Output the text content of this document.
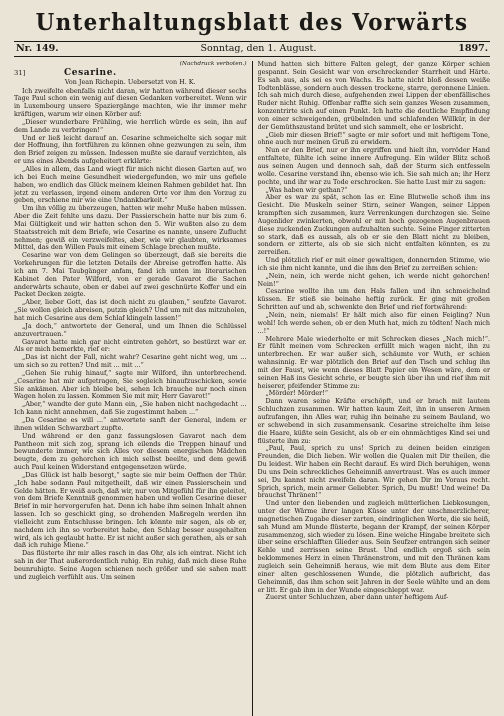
Unterhaltungsblatt des Vorwärts
Nr. 149.	Sonntag, den 1. August.	1897.
(Nachdruck verboten.)
31]	Cesarine.
Von Jean Richepin. Uebersetzt von H. K.

Ich zweifelte ebenfalls nicht daran, wir hatten während dieser sechs Tage Paul schon ein wenig auf diesen Gedanken vorbereitet. Wenn wir in Luxembourg unsere Spaziergänge machten, wie ihr immer mehr kräftigen, warum wir einen Körber auf:

„Dieser wunderbare Frühling, wie herrlich würde es sein, ihn auf dem Lande zu verbringen!“

Und er ließ leicht darauf an. Cesarine schmeichelte sich sogar mit der Hoffnung, ihn fortführen zu können ohne gezwungen zu sein, ihm den Brief zeigen zu müssen. Indessen mußte sie darauf verzichten, als er uns eines Abends aufgeheitert erklärte:

„Alles in allem, das Land wiegt für mich nicht diesen Garten auf, wo ich bei Euch meine Gesundheit wiedergefunden, wo mir uns gefiele haben, wo endlich das Glück meinem kleinen Rahmen gebildet hat. Ihn jetzt zu verlassen, irgend einem anderen Orte vor ihm den Vorzug zu geben, erschiene mir wie eine Undankbarkeit.“

Um ihn völlig zu überzeugen, hatten wir mehr Muße haben müssen. Aber die Zeit fehlte uns dazu. Der Passierschein hatte nur bis zum 6. Mai Gültigkeit und wir hatten schon den 5. Wir wußten also zu dem Staatsstreich mit dem Briefe, wie Cesarine es nannte, unsere Zuflucht nehmen; gewiß ein verzweifeltes, aber, wie wir glaubten, wirksames Mittel, das den Willen Pauls mit einem Schlage brechen mußte.

Cesarine war von dem Gelingen so überzeugt, daß sie bereits die Vorkehrungen für die letzten Details der Abreise getroffen hatte. Als ich am 7. Mai Taubgänger anfam, fand ich unten im literarischen Kabinet den Pater Wilford, von er gerade Gavarot die Sachen anderwärts schaute, oben er dabei auf zwei geschnürte Koffer und ein Packet Decken zeigte.

„Aber, lieber Gott, das ist doch nicht zu glauben,“ seufzte Gavarot. „Sie wollen gleich abreisen, putzin gleich? Und um mit das mitzuholen, hat mich Cesarine aus dem Schlaf klingeln lassen!“

„Ja doch,“ antwortete der General, und um Ihnen die Schlüssel anzuvertrauen.“

Gavarot hatte mich gar nicht eintreten gehört, so bestürzt war er. Als er mich bemerkte, rief er:

„Das ist nicht der Fall, nicht wahr? Cesarine geht nicht weg, um ... um sich so zu retten? Und mit ... mit ...“

„Gehen Sie ruhig hinauf,“ sagte mir Wilford, ihn unterbrechend. „Cesarine hat mir aufgetragen, Sie sogleich hinaufzuschicken, sowie Sie ankämen. Aber ich bleibe bei, sehen Ich brauche nur noch einen Wagen holen zu lassen. Kommen Sie mit mir, Herr Gavarot!“

„Aber,“ wandte der gute Mann ein, „Sie haben nicht nachgedacht ... Ich kann nicht annehmen, daß Sie zugestimmt haben ...“

„Da Cesarine es will ...“ antwortete sanft der General, indem er ihnen wilden Schwarzbart zupfte.

Und während er den ganz fassungslosen Gavarot nach dem Pantheon mit sich zog, sprang ich eilends die Treppen hinauf und bewunderte immer, wie sich Alles vor diesem energischen Mädchen beugte, dem zu gehorchen ich mich selbst beeilte, und dem gewiß auch Paul keinen Widerstand entgegensetzen würde.

„Das Glück ist halb besorgt,“ sagte sie mir beim Oeffnen der Thür. „Ich habe sodann Paul mitgetheilt, daß wir einen Passierschein und Gelde hätten. Er weiß auch, daß wir, nur von Mitgefühl für ihn geleitet, von dem Briefe Kenntniß genommen haben und wollen Cesarine dieser Brief in mir hervorgerufen hat. Denn ich habe ihm seinen Inhalt ahnen lassen. Ich so geschickt ging, so drohenden Maßregeln werden ihn vielleicht zum Entschlusse bringen. Ich könnte mir sagen, als ob er, nachdem ich ihn so vorbereitet habe, den Schlag besser ausgehalten wird, als ich geglaubt hatte. Er ist nicht außer sich gerathen, als er sah daß ich ruhige Miene.“

Das flüsterte ihr mir alles rasch in das Ohr, als ich eintrat. Nicht ich sah in der That außerordentlich ruhig. Ein ruhig, daß mich diese Ruhe beunruhigte. Seine Augen schienen noch größer und sie sahen matt und zugleich verfühlt aus. Um seinen

Mund hatten sich bittere Falten gelegt, der ganze Körper schien gespannt. Sein Gesicht war von erschreckender Starrheit und Härte. Es sah aus, als sei es von Wachs. Es hatte nicht bloß dessen weiße Todtenblässe, sondern auch dessen trockene, starre, geronnene Linien. Ich sah mich durch diese, aufgehenden zwei Lippen der ebenfällisches Ruder nicht Ruhig. Offenbar raffte sich sein ganzes Wesen zusammen, konzentrirte sich auf einen Punkt. Ich hatte die deutliche Empfindung von einer schweigenden, grübelnden und schlafenden Willkür, in der der Gemüthszustand brütet und sich sammelt, ehe er losbricht.

„Gieb mir diesen Brief!“ sagte er mir sofort und mit heftigem Tone, ohne auch nur meinen Gruß zu erwidern.

Nun er den Brief, nur er ihn ergriffen und hielt ihn, vorröder Hand entfaltete, fühlte ich seine innere Aufregung. Ein wilder Blitz schoß aus seinen Augen und dennoch sah, daß der Sturm sich entfesseln wolle. Cesarine verstand ihn, ebenso wie ich. Sie sah mich an; ihr Herz pochte, und ihr war zu Tode erschrocken. Sie hatte Lust mir zu sagen:

„Was haben wir gethan?“

Aber es war zu spät, schon las er. Eine Blutwelle schoß ihm ins Gesicht. Die Muskeln seiner Stirn, seiner Wangen, seiner Lippen krampften sich zusammen, kurz Verrenkungen durchzogen sie. Seine Augenlider zwinkerten, obwohl er mit hoch gezogenen Augenbrauen diese zuckenden Zuckungen aufzuhalten suchte. Seine Finger zitterten so stark, daß es aussah, als ob er sie den Blatt nicht zu bleiben, sondern er zitterte, als ob sie sich nicht entfalten könnten, es zu zerreißen.

Und plötzlich rief er mit einer gewaltigen, donnernden Stimme, wie ich sie ihm nicht kannte, und die ihm den Brief zu zerreißen schien:

„Nein, nein, ich werde nicht gehen, ich werde nicht gehorchen! Nein!“

Cesarine wollte ihn um den Hals fallen und ihn schmeichelnd küssen. Er stieß sie beinahe heftig zurück. Er ging mit großen Schritten auf und ab, schwenkte den Brief und rief fortwährend:

„Nein, nein, niemals! Er hält mich also für einen Feigling? Nun wohl! Ich werde sehen, ob er den Muth hat, mich zu tödten! Nach mich ...!“

Mehrere Male wiederholte er mit Schrecken dieses „Nach mich!“. Er fühlt meinen vom Schrecken erfüllt mich wagen nicht, ihn zu unterbrechen. Er war außer sich, schäumte vor Wuth, er schien wahnsinnig. Er war plötzlich den Brief auf den Tisch und schlug ihn mit der Faust, wie wenn dieses Blatt Papier ein Wesen wäre, dem er seinen Haß ins Gesicht schrie, er beugte sich über ihn und rief ihm mit heiserer, pfeifender Stimme zu:

„Mörder! Mörder!“

Dann waren seine Kräfte erschöpft, und er brach mit lautem Schluchzen zusammen. Wir hatten kaum Zeit, ihn in unseren Armen aufzufangen, ihn Alles war, ruhig ihn beinahe zu seinem Bauland, wo er schwebend in sich zusammensank. Cesarine streichelte ihm leise die Haare, küßte sein Gesicht, als ob er ein ohnmächtiges Kind sei und flüsterte ihm zu:

„Paul, Paul, sprich zu uns! Sprich zu deinen beiden einzigen Freunden, die Dich lieben. Wir wollen die Qualen mit Dir theilen, die Du leidest. Wir haben ein Recht darauf. Es wird Dich beruhigen, wenn Du uns Dein schreckliches Geheimniß anvertraust. Was es auch immer sei, Du kannst nicht zweifeln daran. Wir gehen Dir im Voraus recht. Sprich, sprich, mein armer Geliebter. Sprich, Du mußt! Und weine! Da brauchst Thränen!“

Und unter den liebenden und zugleich mütterlichen Liebkosungen, unter der Wärme ihrer langen Küsse unter der unschmerzlicherer, magnetischen Zugabe dieser zarten, eindringlichen Worte, die sie heiß, sah Mund am Munde flüsterte, begann der Krampf, der seinen Körper zusammenzog, sich wieder zu lösen. Eine weiche Hingabe breitete sich über seine erschlafften Glieder aus. Sein Seufzer entrangen sich seiner Kehle und zerrissen seine Brust. Und endlich ergoß sich sein beklommenes Herz in einen Thränenstrom, und mit den Thränen kam zugleich sein Geheimniß heraus, wie mit dem Blute aus dem Eiter einer alten geschlossenen Wunde, die plötzlich aufbricht, das Geheimniß, das ihm schon seit Jahren in der Seele wühlte und an dem er litt. Er gab ihm in der Wunde eingeschleppt war.

Zuerst unter Schluchzen, aber dann unter heftigem Auf-
